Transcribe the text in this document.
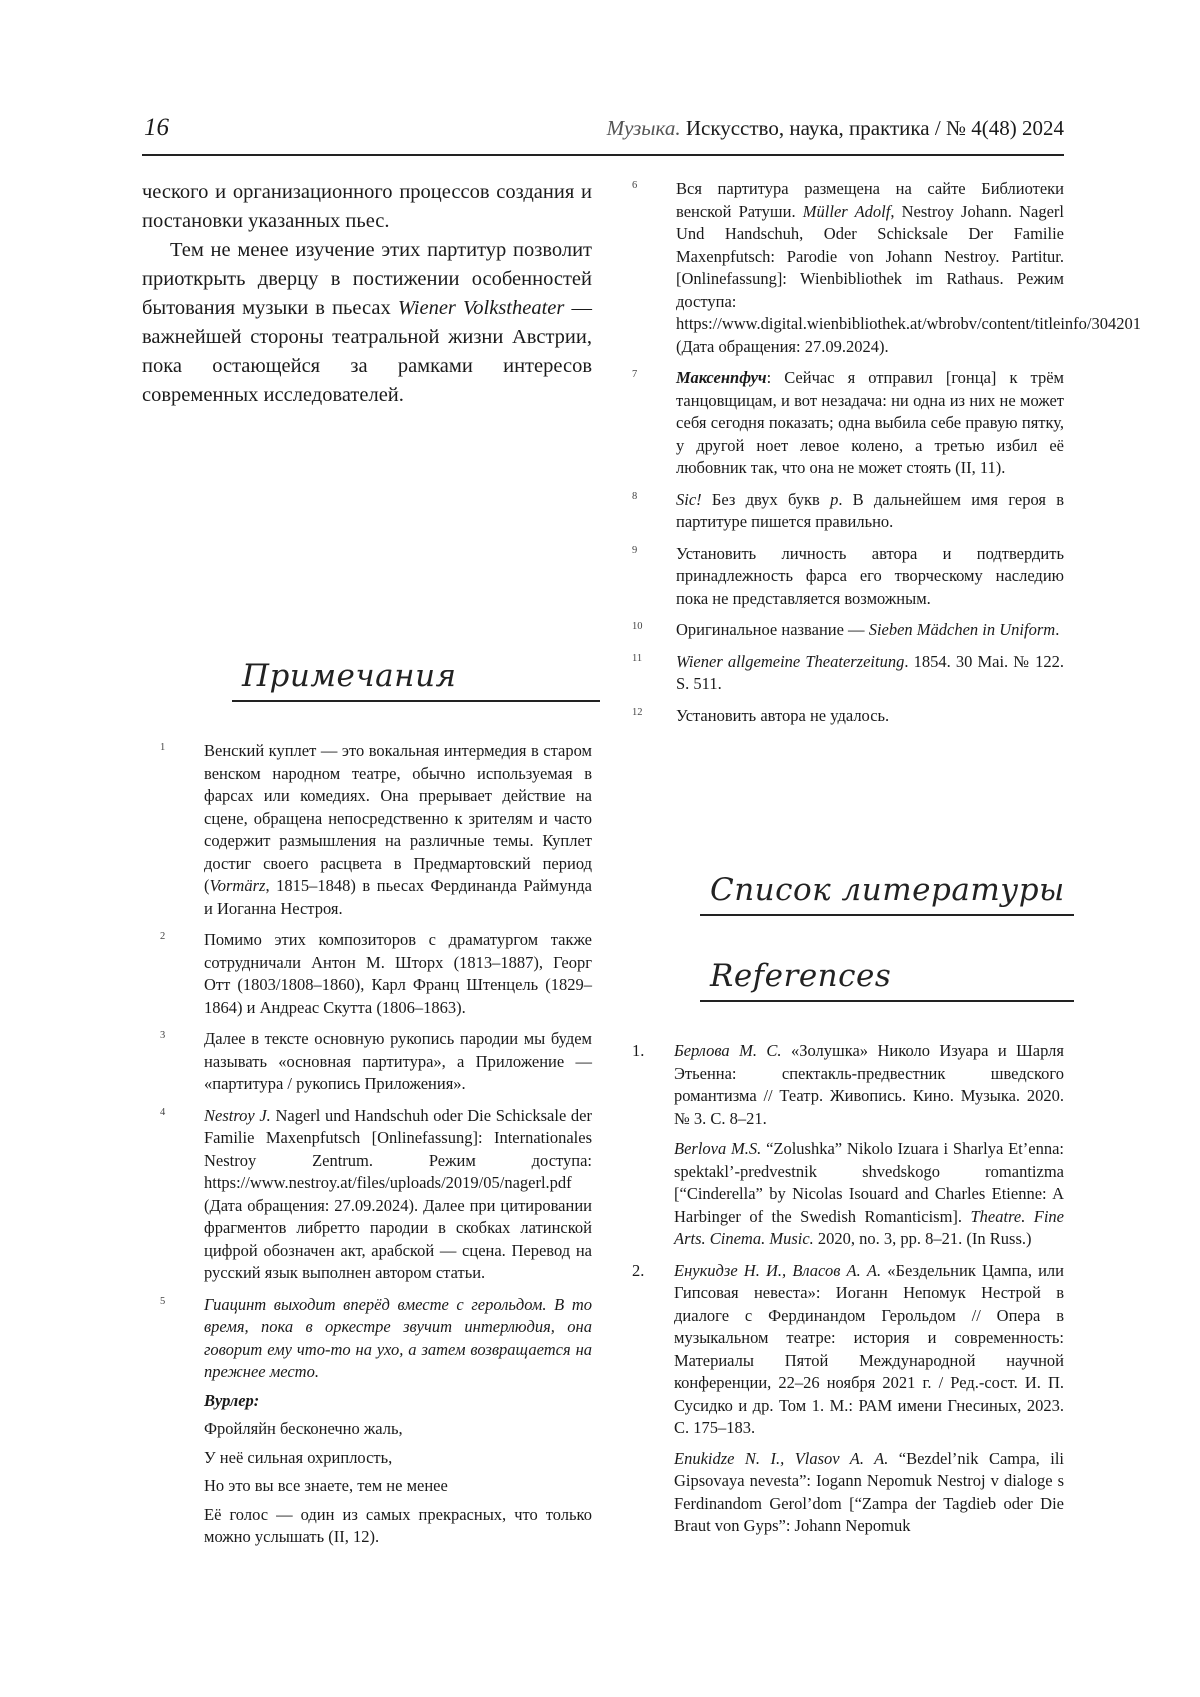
16	Музыка. Искусство, наука, практика / № 4(48) 2024

ческого и организационного процессов создания и постановки указанных пьес.

Тем не менее изучение этих партитур позволит приоткрыть дверцу в постижении особенностей бытования музыки в пьесах Wiener Volkstheater — важнейшей стороны театральной жизни Австрии, пока остающейся за рамками интересов современных исследователей.

Примечания
1 Венский куплет — это вокальная интермедия в старом венском народном театре, обычно используемая в фарсах или комедиях. Она прерывает действие на сцене, обращена непосредственно к зрителям и часто содержит размышления на различные темы. Куплет достиг своего расцвета в Предмартовский период (Vormärz, 1815–1848) в пьесах Фердинанда Раймунда и Иоганна Нестроя.
2 Помимо этих композиторов с драматургом также сотрудничали Антон М. Шторх (1813–1887), Георг Отт (1803/1808–1860), Карл Франц Штенцель (1829–1864) и Андреас Скутта (1806–1863).
3 Далее в тексте основную рукопись пародии мы будем называть «основная партитура», а Приложение — «партитура / рукопись Приложения».
4 Nestroy J. Nagerl und Handschuh oder Die Schicksale der Familie Maxenpfutsch [Onlinefassung]: Internationales Nestroy Zentrum. Режим доступа: https://www.nestroy.at/files/uploads/2019/05/nagerl.pdf (Дата обращения: 27.09.2024). Далее при цитировании фрагментов либретто пародии в скобках латинской цифрой обозначен акт, арабской — сцена. Перевод на русский язык выполнен автором статьи.
5 Гиацинт выходит вперёд вместе с герольдом. В то время, пока в оркестре звучит интерлюдия, она говорит ему что-то на ухо, а затем возвращается на прежнее место.
Вурлер:
Фройляйн бесконечно жаль,
У неё сильная охриплость,
Но это вы все знаете, тем не менее
Её голос — один из самых прекрасных, что только можно услышать (II, 12).
6 Вся партитура размещена на сайте Библиотеки венской Ратуши. Müller Adolf, Nestroy Johann. Nagerl Und Handschuh, Oder Schicksale Der Familie Maxenpfutsch: Parodie von Johann Nestroy. Partitur. [Onlinefassung]: Wienbibliothek im Rathaus. Режим доступа: https://www.digital.wienbibliothek.at/wbrobv/content/titleinfo/304201 (Дата обращения: 27.09.2024).
7 Максенпфуч: Сейчас я отправил [гонца] к трём танцовщицам, и вот незадача: ни одна из них не может себя сегодня показать; одна выбила себе правую пятку, у другой ноет левое колено, а третью избил её любовник так, что она не может стоять (II, 11).
8 Sic! Без двух букв р. В дальнейшем имя героя в партитуре пишется правильно.
9 Установить личность автора и подтвердить принадлежность фарса его творческому наследию пока не представляется возможным.
10 Оригинальное название — Sieben Mädchen in Uniform.
11 Wiener allgemeine Theaterzeitung. 1854. 30 Mai. № 122. S. 511.
12 Установить автора не удалось.
Список литературы
References
1. Берлова М. С. «Золушка» Николо Изуара и Шарля Этьенна: спектакль-предвестник шведского романтизма // Театр. Живопись. Кино. Музыка. 2020. № 3. С. 8–21.
Berlova M.S. “Zolushka” Nikolo Izuara i Sharlya Et’enna: spektakl’-predvestnik shvedskogo romantizma [“Cinderella” by Nicolas Isouard and Charles Etienne: A Harbinger of the Swedish Romanticism]. Theatre. Fine Arts. Cinema. Music. 2020, no. 3, pp. 8–21. (In Russ.)
2. Енукидзе Н. И., Власов А. А. «Бездельник Цампа, или Гипсовая невеста»: Иоганн Непомук Нестрой в диалоге с Фердинандом Герольдом // Опера в музыкальном театре: история и современность: Материалы Пятой Международной научной конференции, 22–26 ноября 2021 г. / Ред.-сост. И. П. Сусидко и др. Том 1. М.: РАМ имени Гнесиных, 2023. С. 175–183.
Enukidze N. I., Vlasov A. A. “Bezdel’nik Campa, ili Gipsovaya nevesta”: Iogann Nepomuk Nestroj v dialoge s Ferdinandom Gerol’dom [“Zampa der Tagdieb oder Die Braut von Gyps”: Johann Nepomuk
